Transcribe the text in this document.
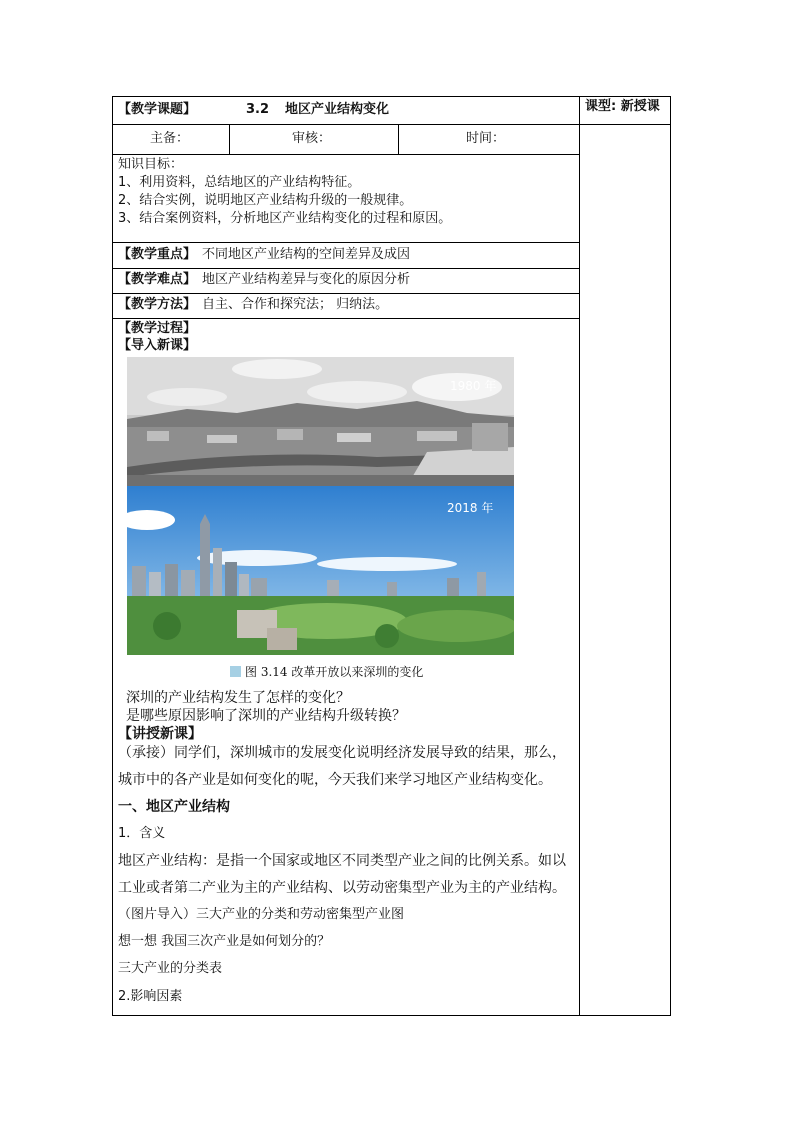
【教学课题】	3.2 地区产业结构变化	课型: 新授课
主备：	审核：	时间：
知识目标：
1、利用资料，总结地区的产业结构特征。
2、结合实例，说明地区产业结构升级的一般规律。
3、结合案例资料，分析地区产业结构变化的过程和原因。
【教学重点】 不同地区产业结构的空间差异及成因
【教学难点】 地区产业结构差异与变化的原因分析
【教学方法】 自主、合作和探究法； 归纳法。
【教学过程】
【导入新课】
1980 年
2018 年
图 3.14 改革开放以来深圳的变化
深圳的产业结构发生了怎样的变化？
是哪些原因影响了深圳的产业结构升级转换？
【讲授新课】
（承接）同学们，深圳城市的发展变化说明经济发展导致的结果，那么，
城市中的各产业是如何变化的呢，今天我们来学习地区产业结构变化。
一、地区产业结构
1．含义
地区产业结构：是指一个国家或地区不同类型产业之间的比例关系。如以
工业或者第二产业为主的产业结构、以劳动密集型产业为主的产业结构。
（图片导入）三大产业的分类和劳动密集型产业图
想一想 我国三次产业是如何划分的？
三大产业的分类表
2.影响因素
